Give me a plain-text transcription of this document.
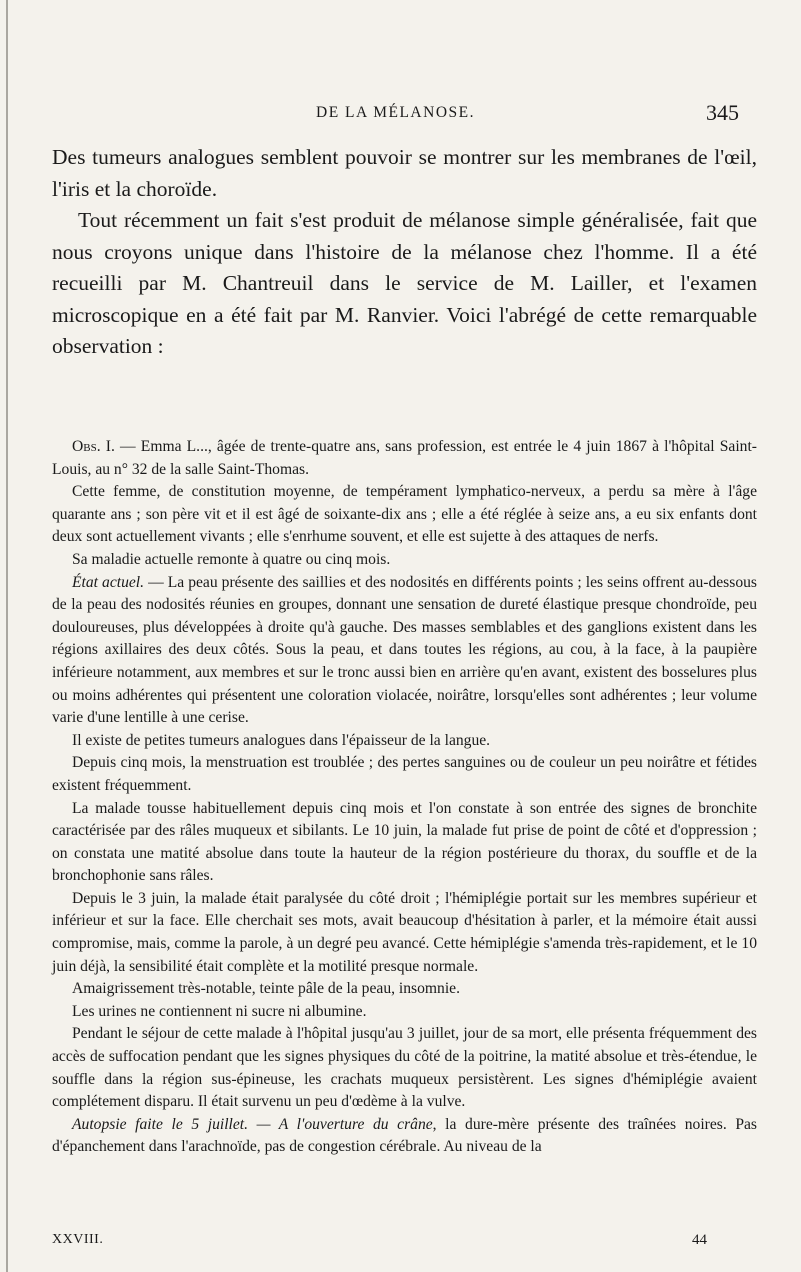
DE LA MÉLANOSE.	345

Des tumeurs analogues semblent pouvoir se montrer sur les membranes de l'œil, l'iris et la choroïde.

Tout récemment un fait s'est produit de mélanose simple généralisée, fait que nous croyons unique dans l'histoire de la mélanose chez l'homme. Il a été recueilli par M. Chantreuil dans le service de M. Lailler, et l'examen microscopique en a été fait par M. Ranvier. Voici l'abrégé de cette remarquable observation :

Obs. I. — Emma L..., âgée de trente-quatre ans, sans profession, est entrée le 4 juin 1867 à l'hôpital Saint-Louis, au n° 32 de la salle Saint-Thomas.

Cette femme, de constitution moyenne, de tempérament lymphatico-nerveux, a perdu sa mère à l'âge quarante ans ; son père vit et il est âgé de soixante-dix ans ; elle a été réglée à seize ans, a eu six enfants dont deux sont actuellement vivants ; elle s'enrhume souvent, et elle est sujette à des attaques de nerfs.

Sa maladie actuelle remonte à quatre ou cinq mois.

État actuel. — La peau présente des saillies et des nodosités en différents points ; les seins offrent au-dessous de la peau des nodosités réunies en groupes, donnant une sensation de dureté élastique presque chondroïde, peu douloureuses, plus développées à droite qu'à gauche. Des masses semblables et des ganglions existent dans les régions axillaires des deux côtés. Sous la peau, et dans toutes les régions, au cou, à la face, à la paupière inférieure notamment, aux membres et sur le tronc aussi bien en arrière qu'en avant, existent des bosselures plus ou moins adhérentes qui présentent une coloration violacée, noirâtre, lorsqu'elles sont adhérentes ; leur volume varie d'une lentille à une cerise.

Il existe de petites tumeurs analogues dans l'épaisseur de la langue.

Depuis cinq mois, la menstruation est troublée ; des pertes sanguines ou de couleur un peu noirâtre et fétides existent fréquemment.

La malade tousse habituellement depuis cinq mois et l'on constate à son entrée des signes de bronchite caractérisée par des râles muqueux et sibilants. Le 10 juin, la malade fut prise de point de côté et d'oppression ; on constata une matité absolue dans toute la hauteur de la région postérieure du thorax, du souffle et de la bronchophonie sans râles.

Depuis le 3 juin, la malade était paralysée du côté droit ; l'hémiplégie portait sur les membres supérieur et inférieur et sur la face. Elle cherchait ses mots, avait beaucoup d'hésitation à parler, et la mémoire était aussi compromise, mais, comme la parole, à un degré peu avancé. Cette hémiplégie s'amenda très-rapidement, et le 10 juin déjà, la sensibilité était complète et la motilité presque normale.

Amaigrissement très-notable, teinte pâle de la peau, insomnie.

Les urines ne contiennent ni sucre ni albumine.

Pendant le séjour de cette malade à l'hôpital jusqu'au 3 juillet, jour de sa mort, elle présenta fréquemment des accès de suffocation pendant que les signes physiques du côté de la poitrine, la matité absolue et très-étendue, le souffle dans la région sus-épineuse, les crachats muqueux persistèrent. Les signes d'hémiplégie avaient complétement disparu. Il était survenu un peu d'œdème à la vulve.

Autopsie faite le 5 juillet. — A l'ouverture du crâne, la dure-mère présente des traînées noires. Pas d'épanchement dans l'arachnoïde, pas de congestion cérébrale. Au niveau de la

XXVIII.	44
